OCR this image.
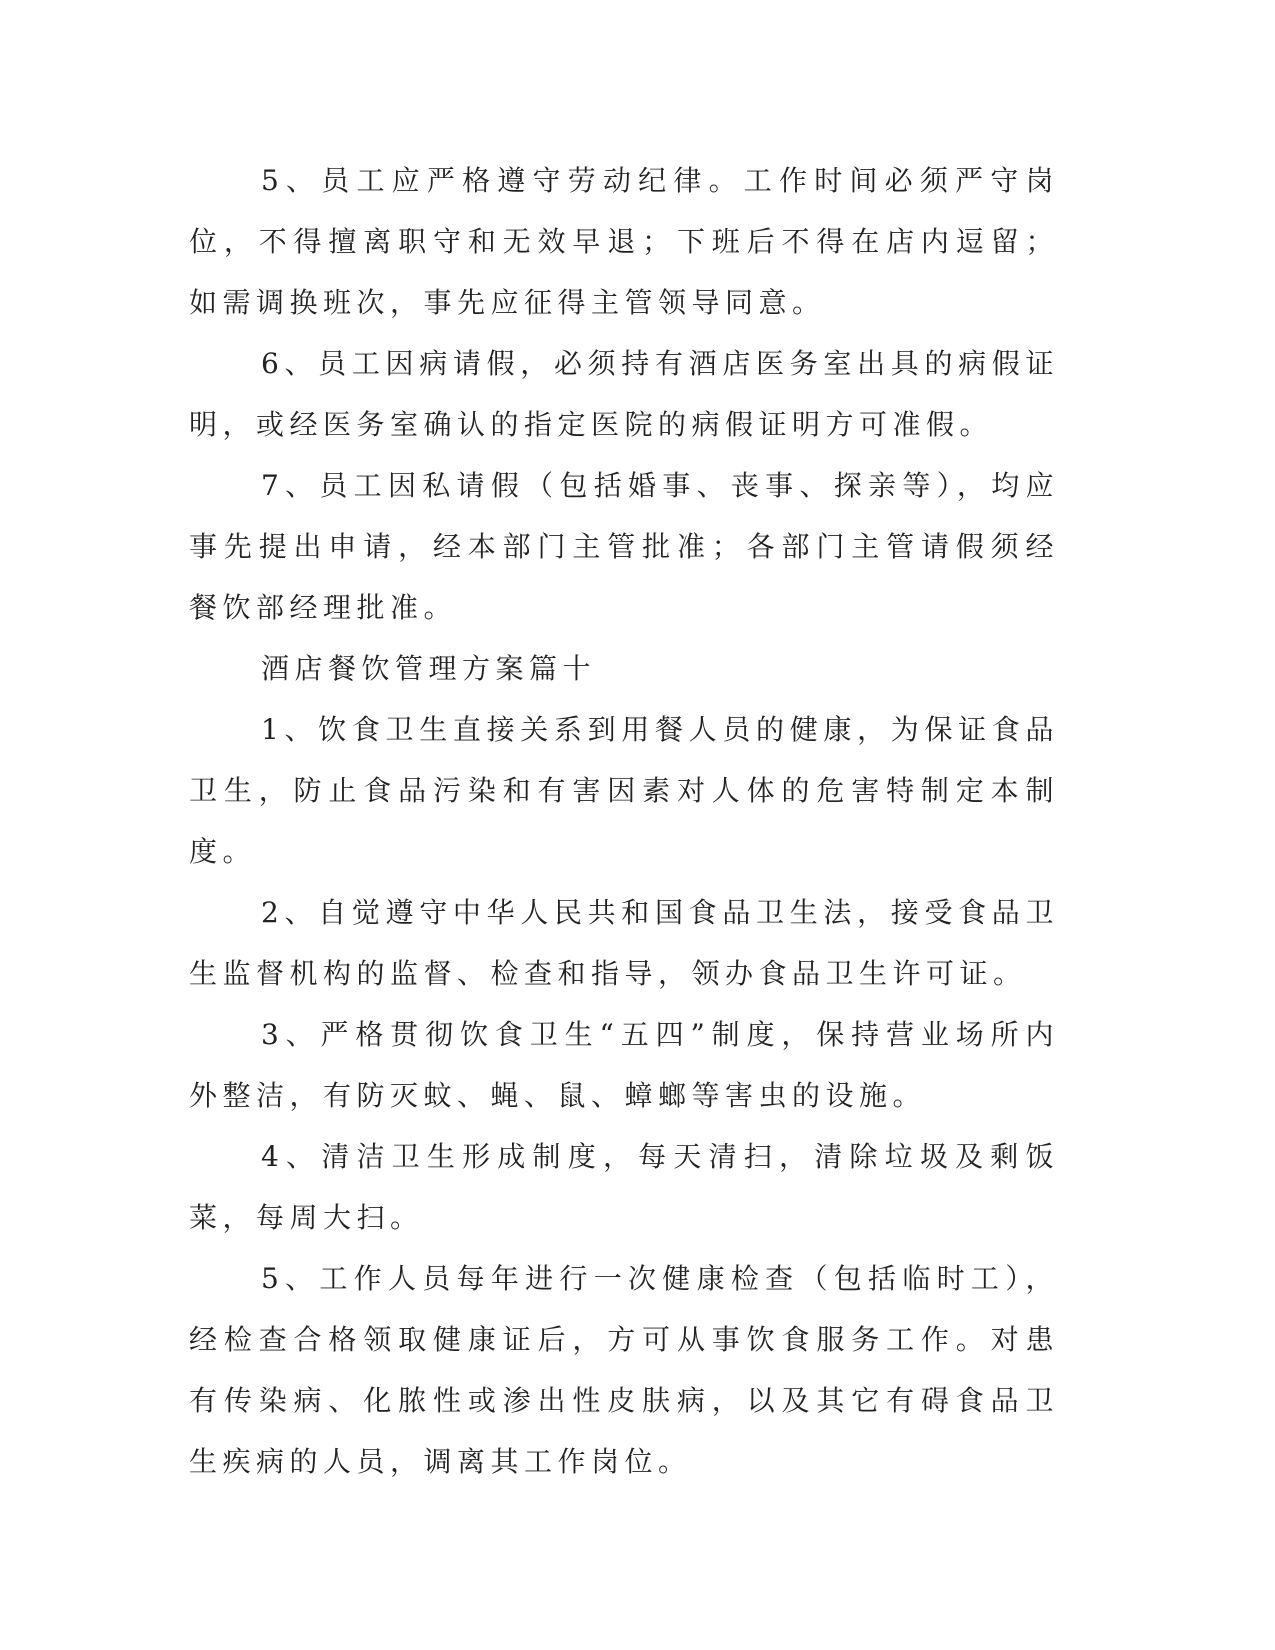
5、员工应严格遵守劳动纪律。工作时间必须严守岗位，不得擅离职守和无效早退；下班后不得在店内逗留；如需调换班次，事先应征得主管领导同意。

6、员工因病请假，必须持有酒店医务室出具的病假证明，或经医务室确认的指定医院的病假证明方可准假。

7、员工因私请假（包括婚事、丧事、探亲等），均应事先提出申请，经本部门主管批准；各部门主管请假须经餐饮部经理批准。

酒店餐饮管理方案篇十

1、饮食卫生直接关系到用餐人员的健康，为保证食品卫生，防止食品污染和有害因素对人体的危害特制定本制度。

2、自觉遵守中华人民共和国食品卫生法，接受食品卫生监督机构的监督、检查和指导，领办食品卫生许可证。

3、严格贯彻饮食卫生“五四”制度，保持营业场所内外整洁，有防灭蚊、蝇、鼠、蟑螂等害虫的设施。

4、清洁卫生形成制度，每天清扫，清除垃圾及剩饭菜，每周大扫。

5、工作人员每年进行一次健康检查（包括临时工），经检查合格领取健康证后，方可从事饮食服务工作。对患有传染病、化脓性或渗出性皮肤病，以及其它有碍食品卫生疾病的人员，调离其工作岗位。
